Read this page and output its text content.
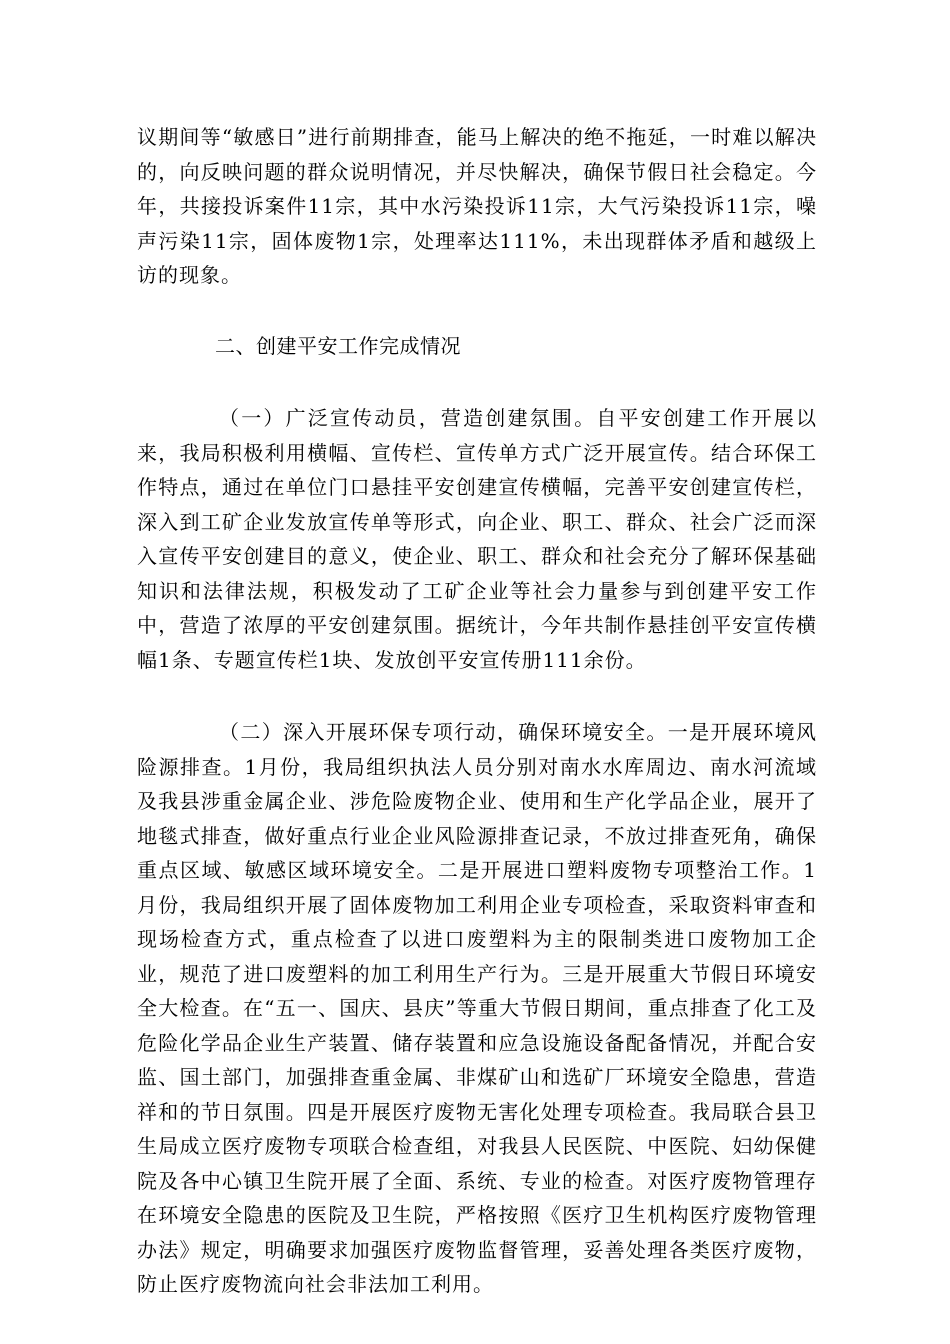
议期间等“敏感日”进行前期排查，能马上解决的绝不拖延，一时难以解决的，向反映问题的群众说明情况，并尽快解决，确保节假日社会稳定。今年，共接投诉案件11宗，其中水污染投诉11宗，大气污染投诉11宗，噪声污染11宗，固体废物1宗，处理率达111%，未出现群体矛盾和越级上访的现象。

二、创建平安工作完成情况

（一）广泛宣传动员，营造创建氛围。自平安创建工作开展以来，我局积极利用横幅、宣传栏、宣传单方式广泛开展宣传。结合环保工作特点，通过在单位门口悬挂平安创建宣传横幅，完善平安创建宣传栏，深入到工矿企业发放宣传单等形式，向企业、职工、群众、社会广泛而深入宣传平安创建目的意义，使企业、职工、群众和社会充分了解环保基础知识和法律法规，积极发动了工矿企业等社会力量参与到创建平安工作中，营造了浓厚的平安创建氛围。据统计，今年共制作悬挂创平安宣传横幅1条、专题宣传栏1块、发放创平安宣传册111余份。

（二）深入开展环保专项行动，确保环境安全。一是开展环境风险源排查。1月份，我局组织执法人员分别对南水水库周边、南水河流域及我县涉重金属企业、涉危险废物企业、使用和生产化学品企业，展开了地毯式排查，做好重点行业企业风险源排查记录，不放过排查死角，确保重点区域、敏感区域环境安全。二是开展进口塑料废物专项整治工作。1月份，我局组织开展了固体废物加工利用企业专项检查，采取资料审查和现场检查方式，重点检查了以进口废塑料为主的限制类进口废物加工企业，规范了进口废塑料的加工利用生产行为。三是开展重大节假日环境安全大检查。在“五一、国庆、县庆”等重大节假日期间，重点排查了化工及危险化学品企业生产装置、储存装置和应急设施设备配备情况，并配合安监、国土部门，加强排查重金属、非煤矿山和选矿厂环境安全隐患，营造祥和的节日氛围。四是开展医疗废物无害化处理专项检查。我局联合县卫生局成立医疗废物专项联合检查组，对我县人民医院、中医院、妇幼保健院及各中心镇卫生院开展了全面、系统、专业的检查。对医疗废物管理存在环境安全隐患的医院及卫生院，严格按照《医疗卫生机构医疗废物管理办法》规定，明确要求加强医疗废物监督管理，妥善处理各类医疗废物，防止医疗废物流向社会非法加工利用。
